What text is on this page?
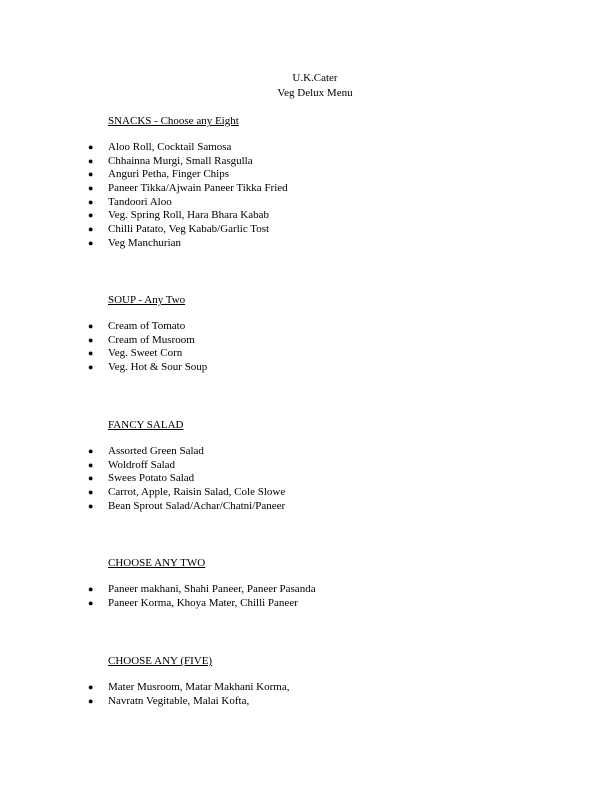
U.K.Cater
Veg Delux Menu
SNACKS - Choose any Eight
● Aloo Roll, Cocktail Samosa
● Chhainna Murgi, Small Rasgulla
● Anguri Petha, Finger Chips
● Paneer Tikka/Ajwain Paneer Tikka Fried
● Tandoori Aloo
● Veg. Spring Roll, Hara Bhara Kabab
● Chilli Patato, Veg Kabab/Garlic Tost
● Veg Manchurian
SOUP - Any Two
● Cream of Tomato
● Cream of Musroom
● Veg. Sweet Corn
● Veg. Hot & Sour Soup
FANCY SALAD
● Assorted Green Salad
● Woldroff Salad
● Swees Potato Salad
● Carrot, Apple, Raisin Salad, Cole Slowe
● Bean Sprout Salad/Achar/Chatni/Paneer
CHOOSE ANY TWO
● Paneer makhani, Shahi Paneer, Paneer Pasanda
● Paneer Korma, Khoya Mater, Chilli Paneer
CHOOSE ANY (FIVE)
● Mater Musroom, Matar Makhani Korma,
● Navratn Vegitable, Malai Kofta,
